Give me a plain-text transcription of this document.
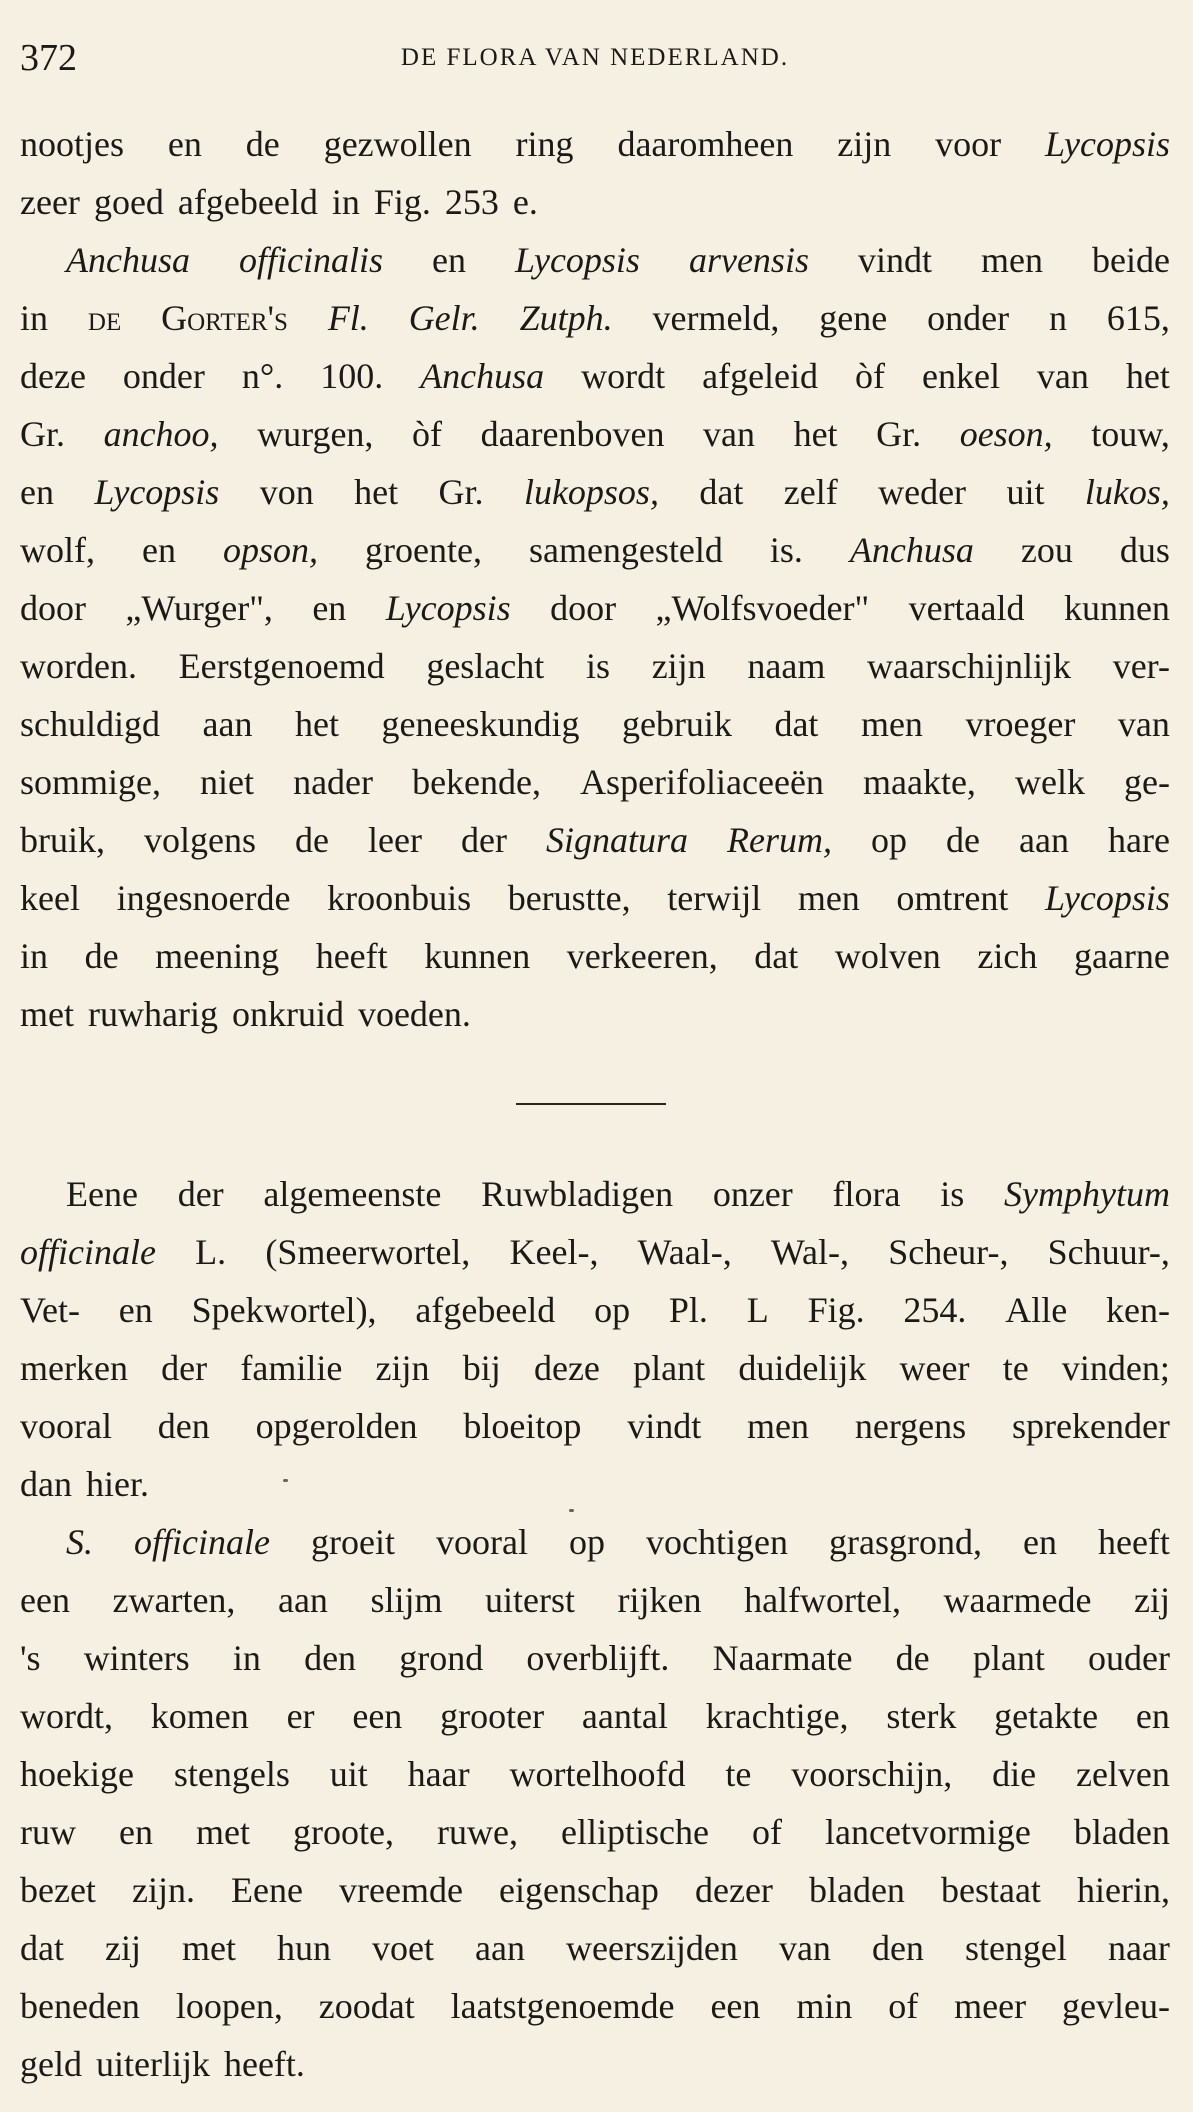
372	DE FLORA VAN NEDERLAND.
nootjes en de gezwollen ring daaromheen zijn voor Lycopsis
zeer goed afgebeeld in Fig. 253 e.
Anchusa officinalis en Lycopsis arvensis vindt men beide
in de Gorter's Fl. Gelr. Zutph. vermeld, gene onder n 615,
deze onder n°. 100. Anchusa wordt afgeleid òf enkel van het
Gr. anchoo, wurgen, òf daarenboven van het Gr. oeson, touw,
en Lycopsis von het Gr. lukopsos, dat zelf weder uit lukos,
wolf, en opson, groente, samengesteld is. Anchusa zou dus
door „Wurger", en Lycopsis door „Wolfsvoeder" vertaald kunnen
worden. Eerstgenoemd geslacht is zijn naam waarschijnlijk ver-
schuldigd aan het geneeskundig gebruik dat men vroeger van
sommige, niet nader bekende, Asperifoliaceeën maakte, welk ge-
bruik, volgens de leer der Signatura Rerum, op de aan hare
keel ingesnoerde kroonbuis berustte, terwijl men omtrent Lycopsis
in de meening heeft kunnen verkeeren, dat wolven zich gaarne
met ruwharig onkruid voeden.
Eene der algemeenste Ruwbladigen onzer flora is Symphytum
officinale L. (Smeerwortel, Keel-, Waal-, Wal-, Scheur-, Schuur-,
Vet- en Spekwortel), afgebeeld op Pl. L Fig. 254. Alle ken-
merken der familie zijn bij deze plant duidelijk weer te vinden;
vooral den opgerolden bloeitop vindt men nergens sprekender
dan hier.
S. officinale groeit vooral op vochtigen grasgrond, en heeft
een zwarten, aan slijm uiterst rijken halfwortel, waarmede zij
's winters in den grond overblijft. Naarmate de plant ouder
wordt, komen er een grooter aantal krachtige, sterk getakte en
hoekige stengels uit haar wortelhoofd te voorschijn, die zelven
ruw en met groote, ruwe, elliptische of lancetvormige bladen
bezet zijn. Eene vreemde eigenschap dezer bladen bestaat hierin,
dat zij met hun voet aan weerszijden van den stengel naar
beneden loopen, zoodat laatstgenoemde een min of meer gevleu-
geld uiterlijk heeft.
